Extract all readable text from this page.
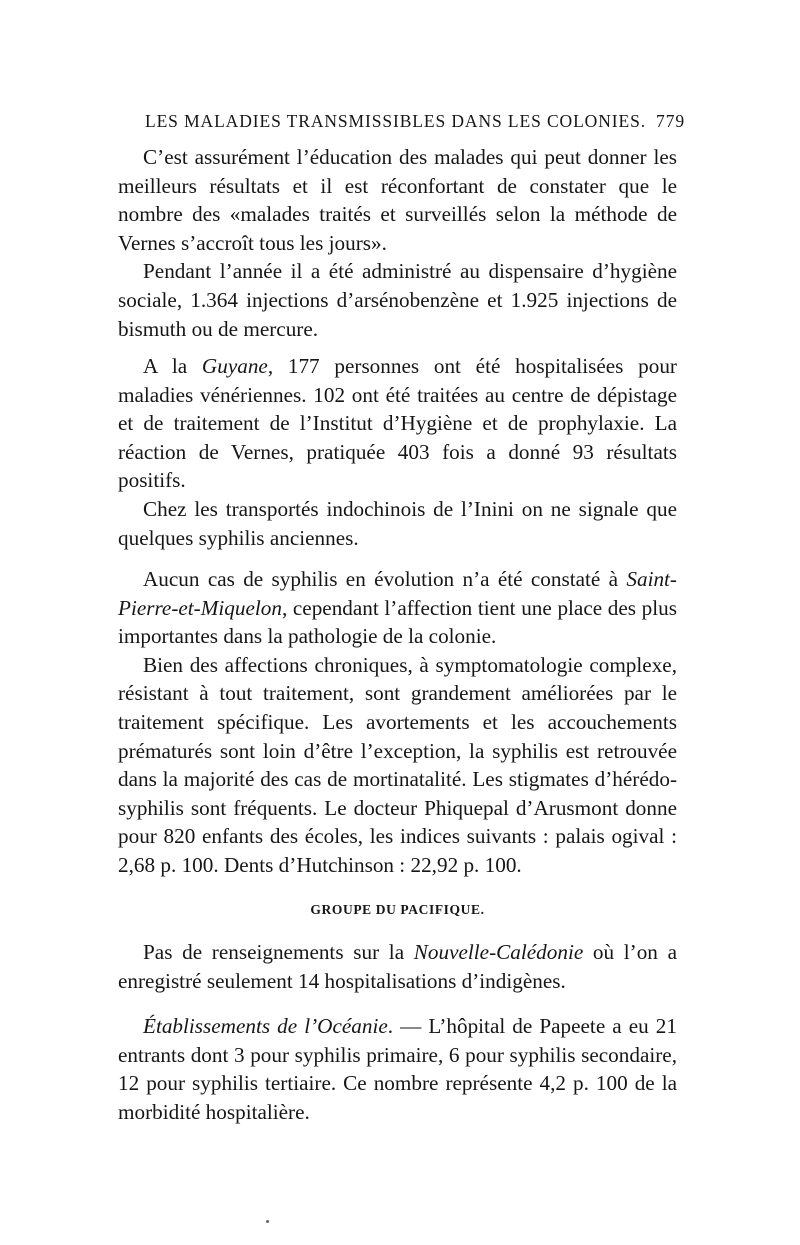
LES MALADIES TRANSMISSIBLES DANS LES COLONIES. 779

C’est assurément l’éducation des malades qui peut donner les meilleurs résultats et il est réconfortant de constater que le nombre des «malades traités et surveillés selon la méthode de Vernes s’accroît tous les jours».

Pendant l’année il a été administré au dispensaire d’hygiène sociale, 1.364 injections d’arsénobenzène et 1.925 injections de bismuth ou de mercure.

A la Guyane, 177 personnes ont été hospitalisées pour maladies vénériennes. 102 ont été traitées au centre de dépistage et de traitement de l’Institut d’Hygiène et de prophylaxie. La réaction de Vernes, pratiquée 403 fois a donné 93 résultats positifs.

Chez les transportés indochinois de l’Inini on ne signale que quelques syphilis anciennes.

Aucun cas de syphilis en évolution n’a été constaté à Saint-Pierre-et-Miquelon, cependant l’affection tient une place des plus importantes dans la pathologie de la colonie.

Bien des affections chroniques, à symptomatologie complexe, résistant à tout traitement, sont grandement améliorées par le traitement spécifique. Les avortements et les accouchements prématurés sont loin d’être l’exception, la syphilis est retrouvée dans la majorité des cas de mortinatalité. Les stigmates d’hérédo-syphilis sont fréquents. Le docteur Phiquepal d’Arusmont donne pour 820 enfants des écoles, les indices suivants : palais ogival : 2,68 p. 100. Dents d’Hutchinson : 22,92 p. 100.

GROUPE DU PACIFIQUE.

Pas de renseignements sur la Nouvelle-Calédonie où l’on a enregistré seulement 14 hospitalisations d’indigènes.

Établissements de l’Océanie. — L’hôpital de Papeete a eu 21 entrants dont 3 pour syphilis primaire, 6 pour syphilis secondaire, 12 pour syphilis tertiaire. Ce nombre représente 4,2 p. 100 de la morbidité hospitalière.
